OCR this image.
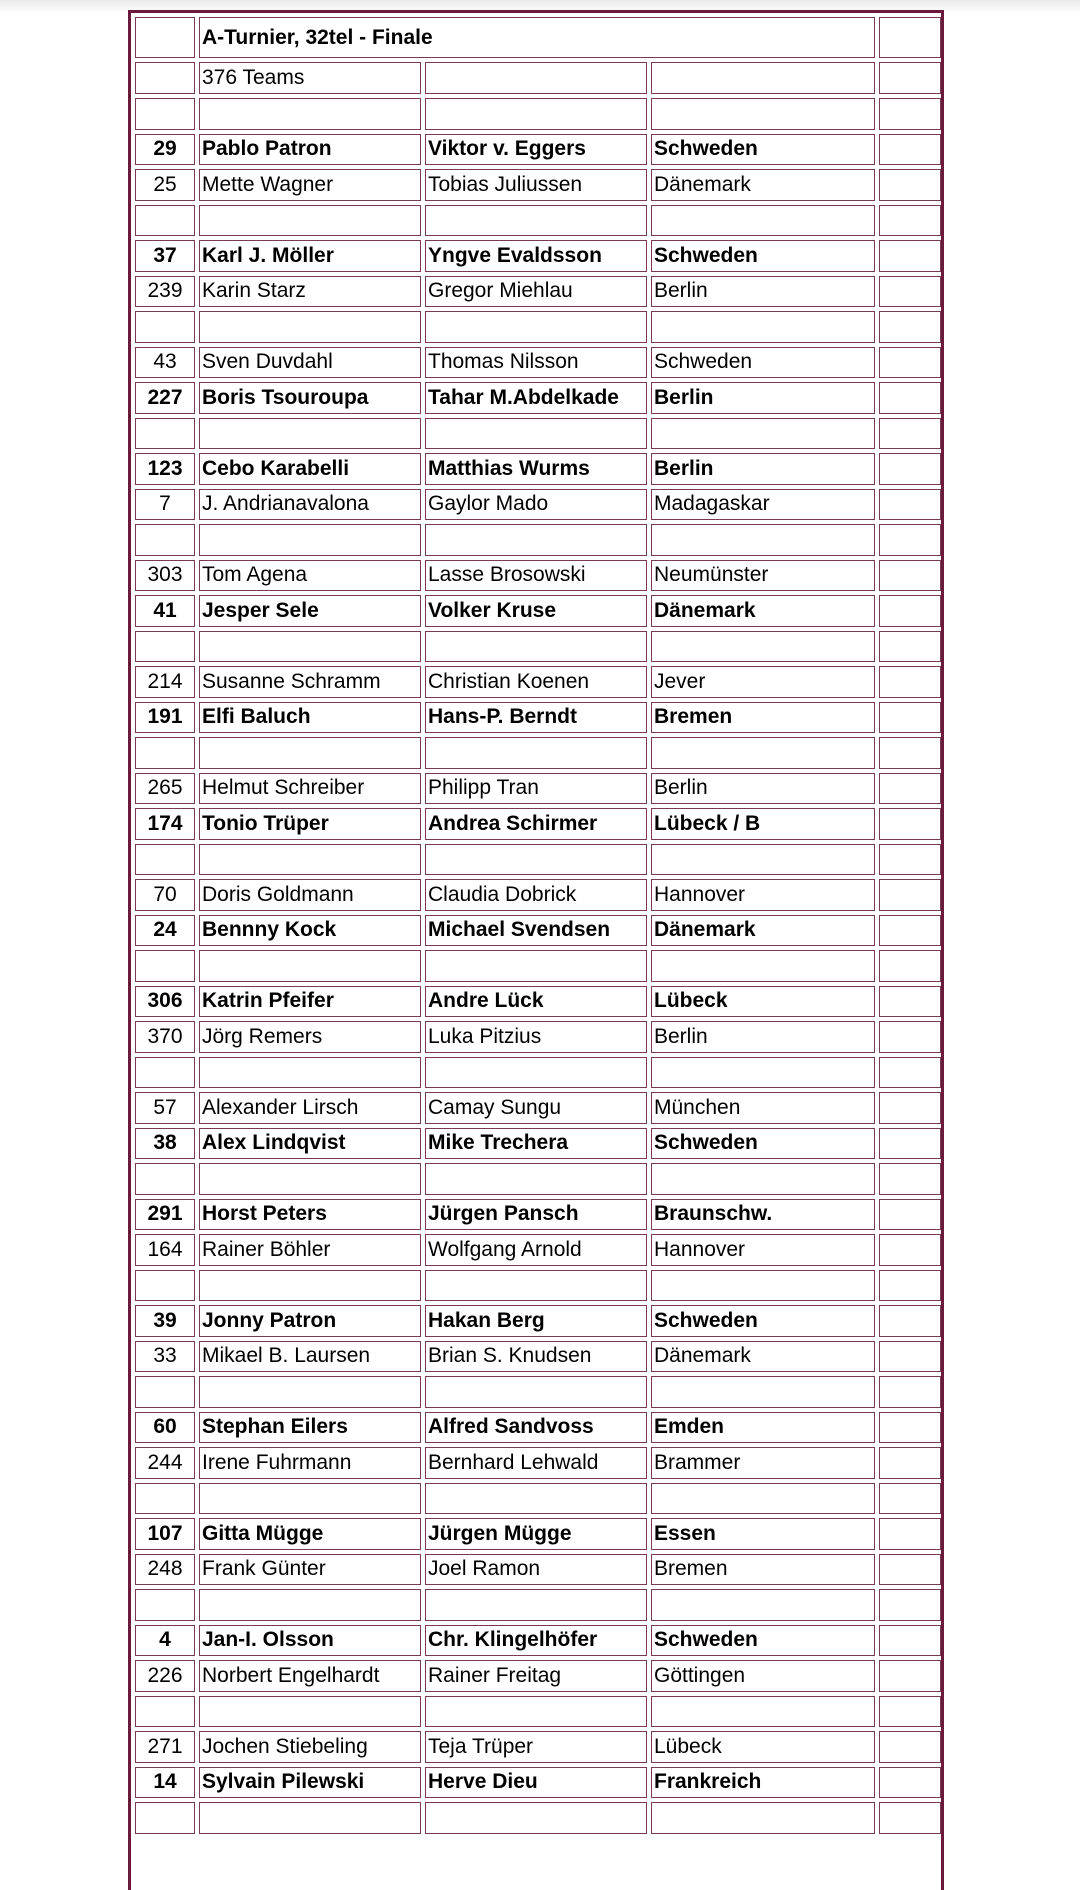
	A-Turnier, 32tel - Finale			
	376 Teams			

29	Pablo Patron	Viktor v. Eggers	Schweden	
25	Mette Wagner	Tobias Juliussen	Dänemark	

37	Karl J. Möller	Yngve Evaldsson	Schweden	
239	Karin Starz	Gregor Miehlau	Berlin	

43	Sven Duvdahl	Thomas Nilsson	Schweden	
227	Boris Tsouroupa	Tahar M.Abdelkade	Berlin	

123	Cebo Karabelli	Matthias Wurms	Berlin	
7	J. Andrianavalona	Gaylor Mado	Madagaskar	

303	Tom Agena	Lasse Brosowski	Neumünster	
41	Jesper Sele	Volker Kruse	Dänemark	

214	Susanne Schramm	Christian Koenen	Jever	
191	Elfi Baluch	Hans-P. Berndt	Bremen	

265	Helmut Schreiber	Philipp Tran	Berlin	
174	Tonio Trüper	Andrea Schirmer	Lübeck / B	

70	Doris Goldmann	Claudia Dobrick	Hannover	
24	Bennny Kock	Michael Svendsen	Dänemark	

306	Katrin Pfeifer	Andre Lück	Lübeck	
370	Jörg Remers	Luka Pitzius	Berlin	

57	Alexander Lirsch	Camay Sungu	München	
38	Alex Lindqvist	Mike Trechera	Schweden	

291	Horst Peters	Jürgen Pansch	Braunschw.	
164	Rainer Böhler	Wolfgang Arnold	Hannover	

39	Jonny Patron	Hakan Berg	Schweden	
33	Mikael B. Laursen	Brian S. Knudsen	Dänemark	

60	Stephan Eilers	Alfred Sandvoss	Emden	
244	Irene Fuhrmann	Bernhard Lehwald	Brammer	

107	Gitta Mügge	Jürgen Mügge	Essen	
248	Frank Günter	Joel Ramon	Bremen	

4	Jan-I. Olsson	Chr. Klingelhöfer	Schweden	
226	Norbert Engelhardt	Rainer Freitag	Göttingen	

271	Jochen Stiebeling	Teja Trüper	Lübeck	
14	Sylvain Pilewski	Herve Dieu	Frankreich	
